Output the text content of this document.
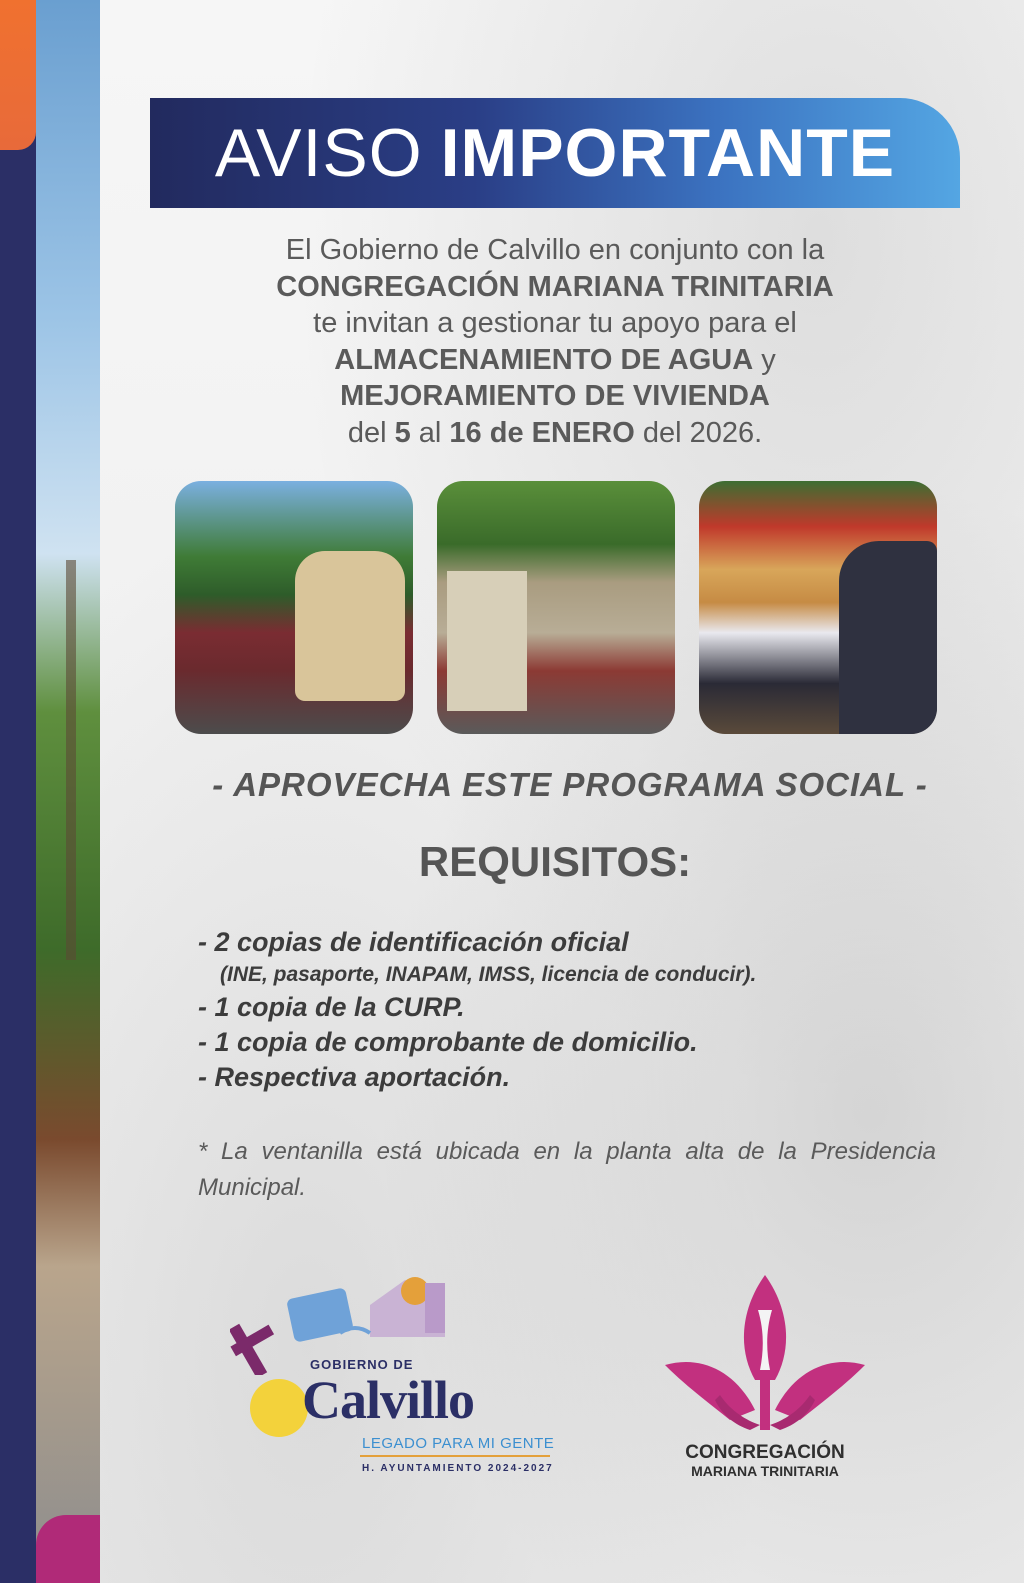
AVISO IMPORTANTE
El Gobierno de Calvillo en conjunto con la
CONGREGACIÓN MARIANA TRINITARIA
te invitan a gestionar tu apoyo para el
ALMACENAMIENTO DE AGUA y
MEJORAMIENTO DE VIVIENDA
del 5 al 16 de ENERO del 2026.
- APROVECHA ESTE PROGRAMA SOCIAL -
REQUISITOS:
- 2 copias de identificación oficial
(INE, pasaporte, INAPAM, IMSS, licencia de conducir).
- 1 copia de la CURP.
- 1 copia de comprobante de domicilio.
- Respectiva aportación.
* La ventanilla está ubicada en la planta alta de la Presidencia Municipal.
GOBIERNO DE
Calvillo
LEGADO PARA MI GENTE
H. AYUNTAMIENTO 2024-2027
CONGREGACIÓN
MARIANA TRINITARIA
